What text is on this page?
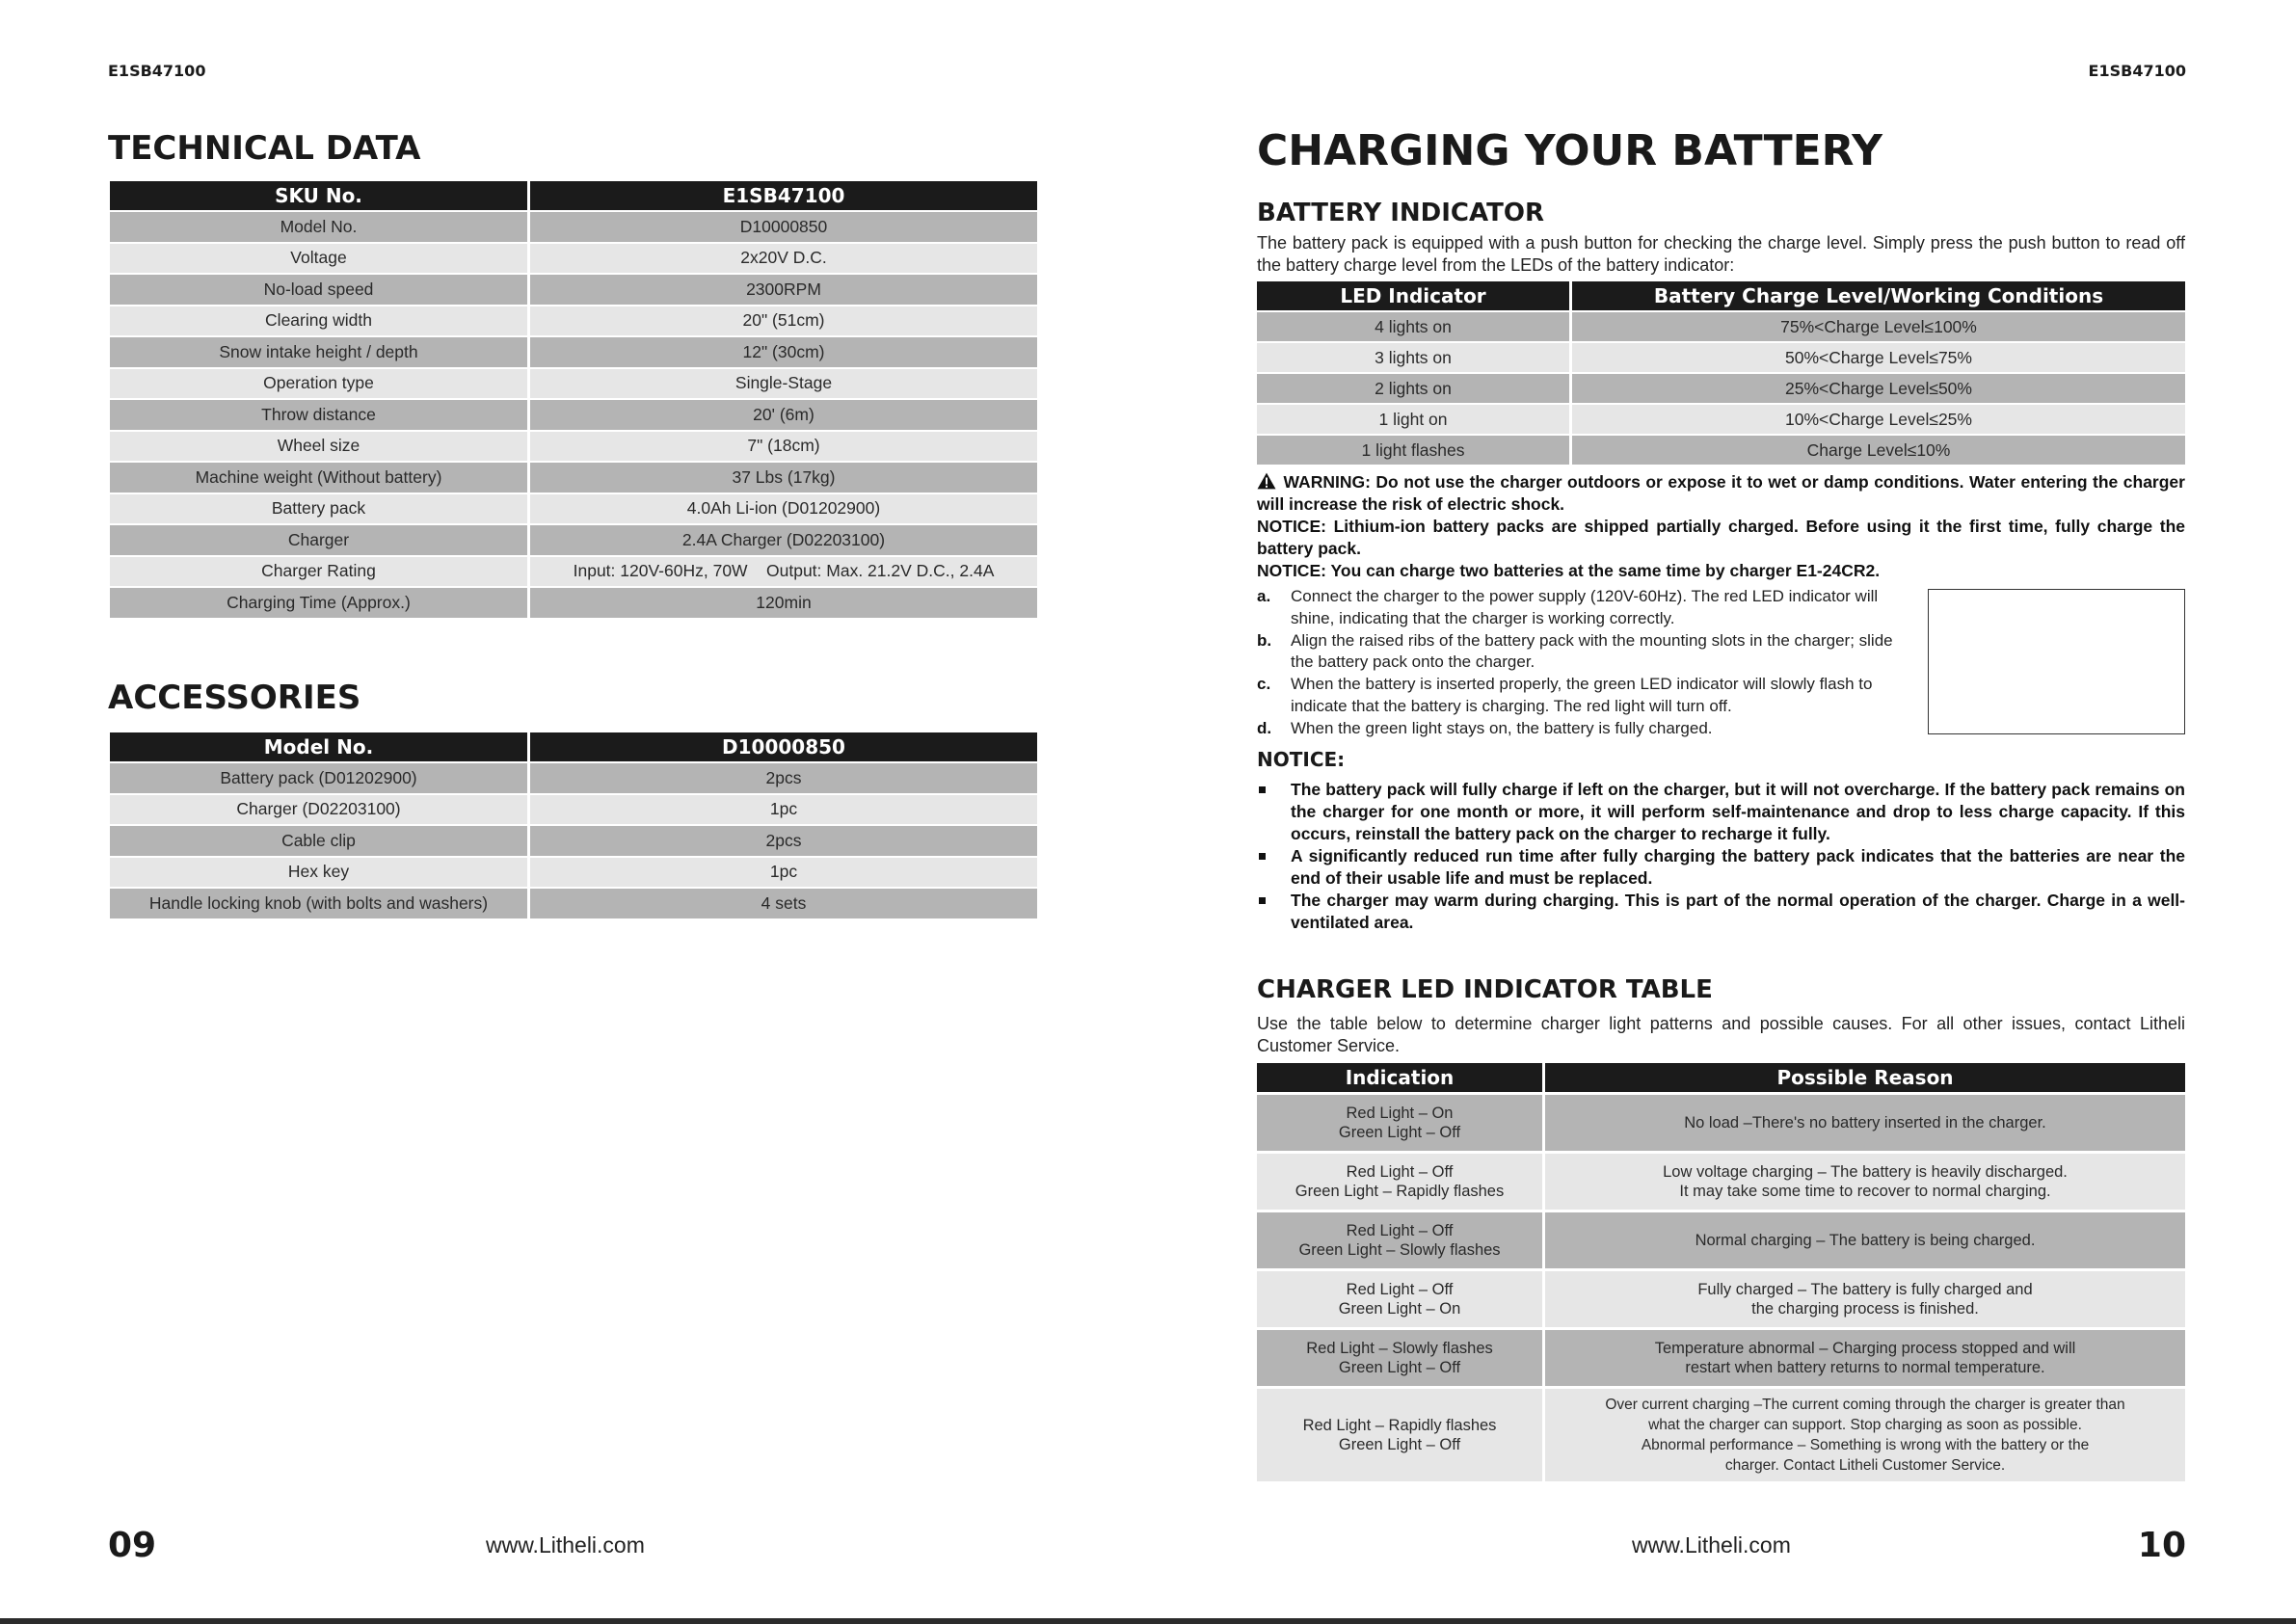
E1SB47100
TECHNICAL DATA
SKU No.	E1SB47100
Model No.	D10000850
Voltage	2x20V D.C.
No-load speed	2300RPM
Clearing width	20" (51cm)
Snow intake height / depth	12" (30cm)
Operation type	Single-Stage
Throw distance	20' (6m)
Wheel size	7" (18cm)
Machine weight (Without battery)	37 Lbs (17kg)
Battery pack	4.0Ah Li-ion (D01202900)
Charger	2.4A Charger (D02203100)
Charger Rating	Input: 120V-60Hz, 70W    Output: Max. 21.2V D.C., 2.4A
Charging Time (Approx.)	120min
ACCESSORIES
Model No.	D10000850
Battery pack (D01202900)	2pcs
Charger (D02203100)	1pc
Cable clip	2pcs
Hex key	1pc
Handle locking knob (with bolts and washers)	4 sets
09	www.Litheli.com
E1SB47100
CHARGING YOUR BATTERY
BATTERY INDICATOR

The battery pack is equipped with a push button for checking the charge level. Simply press the push button to read off the battery charge level from the LEDs of the battery indicator:

LED Indicator	Battery Charge Level/Working Conditions
4 lights on	75%<Charge Level≤100%
3 lights on	50%<Charge Level≤75%
2 lights on	25%<Charge Level≤50%
1 light on	10%<Charge Level≤25%
1 light flashes	Charge Level≤10%

WARNING: Do not use the charger outdoors or expose it to wet or damp conditions. Water entering the charger will increase the risk of electric shock.

NOTICE: Lithium-ion battery packs are shipped partially charged. Before using it the first time, fully charge the battery pack.

NOTICE: You can charge two batteries at the same time by charger E1-24CR2.

a.	Connect the charger to the power supply (120V-60Hz). The red LED indicator will shine, indicating that the charger is working correctly.
b.	Align the raised ribs of the battery pack with the mounting slots in the charger; slide the battery pack onto the charger.
c.	When the battery is inserted properly, the green LED indicator will slowly flash to indicate that the battery is charging. The red light will turn off.
d.	When the green light stays on, the battery is fully charged.
NOTICE:
The battery pack will fully charge if left on the charger, but it will not overcharge. If the battery pack remains on the charger for one month or more, it will perform self-maintenance and drop to less charge capacity. If this occurs, reinstall the battery pack on the charger to recharge it fully.
A significantly reduced run time after fully charging the battery pack indicates that the batteries are near the end of their usable life and must be replaced.
The charger may warm during charging. This is part of the normal operation of the charger. Charge in a well-ventilated area.
CHARGER LED INDICATOR TABLE

Use the table below to determine charger light patterns and possible causes. For all other issues, contact Litheli Customer Service.

Indication	Possible Reason

Red Light – On
Green Light – Off	No load –There's no battery inserted in the charger.

Red Light – Off
Green Light – Rapidly flashes	Low voltage charging – The battery is heavily discharged.
It may take some time to recover to normal charging.

Red Light – Off
Green Light – Slowly flashes	Normal charging – The battery is being charged.

Red Light – Off
Green Light – On	Fully charged – The battery is fully charged and
the charging process is finished.

Red Light – Slowly flashes
Green Light – Off	Temperature abnormal – Charging process stopped and will
restart when battery returns to normal temperature.

Red Light – Rapidly flashes
Green Light – Off	Over current charging –The current coming through the charger is greater than
what the charger can support. Stop charging as soon as possible.
Abnormal performance – Something is wrong with the battery or the
charger. Contact Litheli Customer Service.
www.Litheli.com	10
